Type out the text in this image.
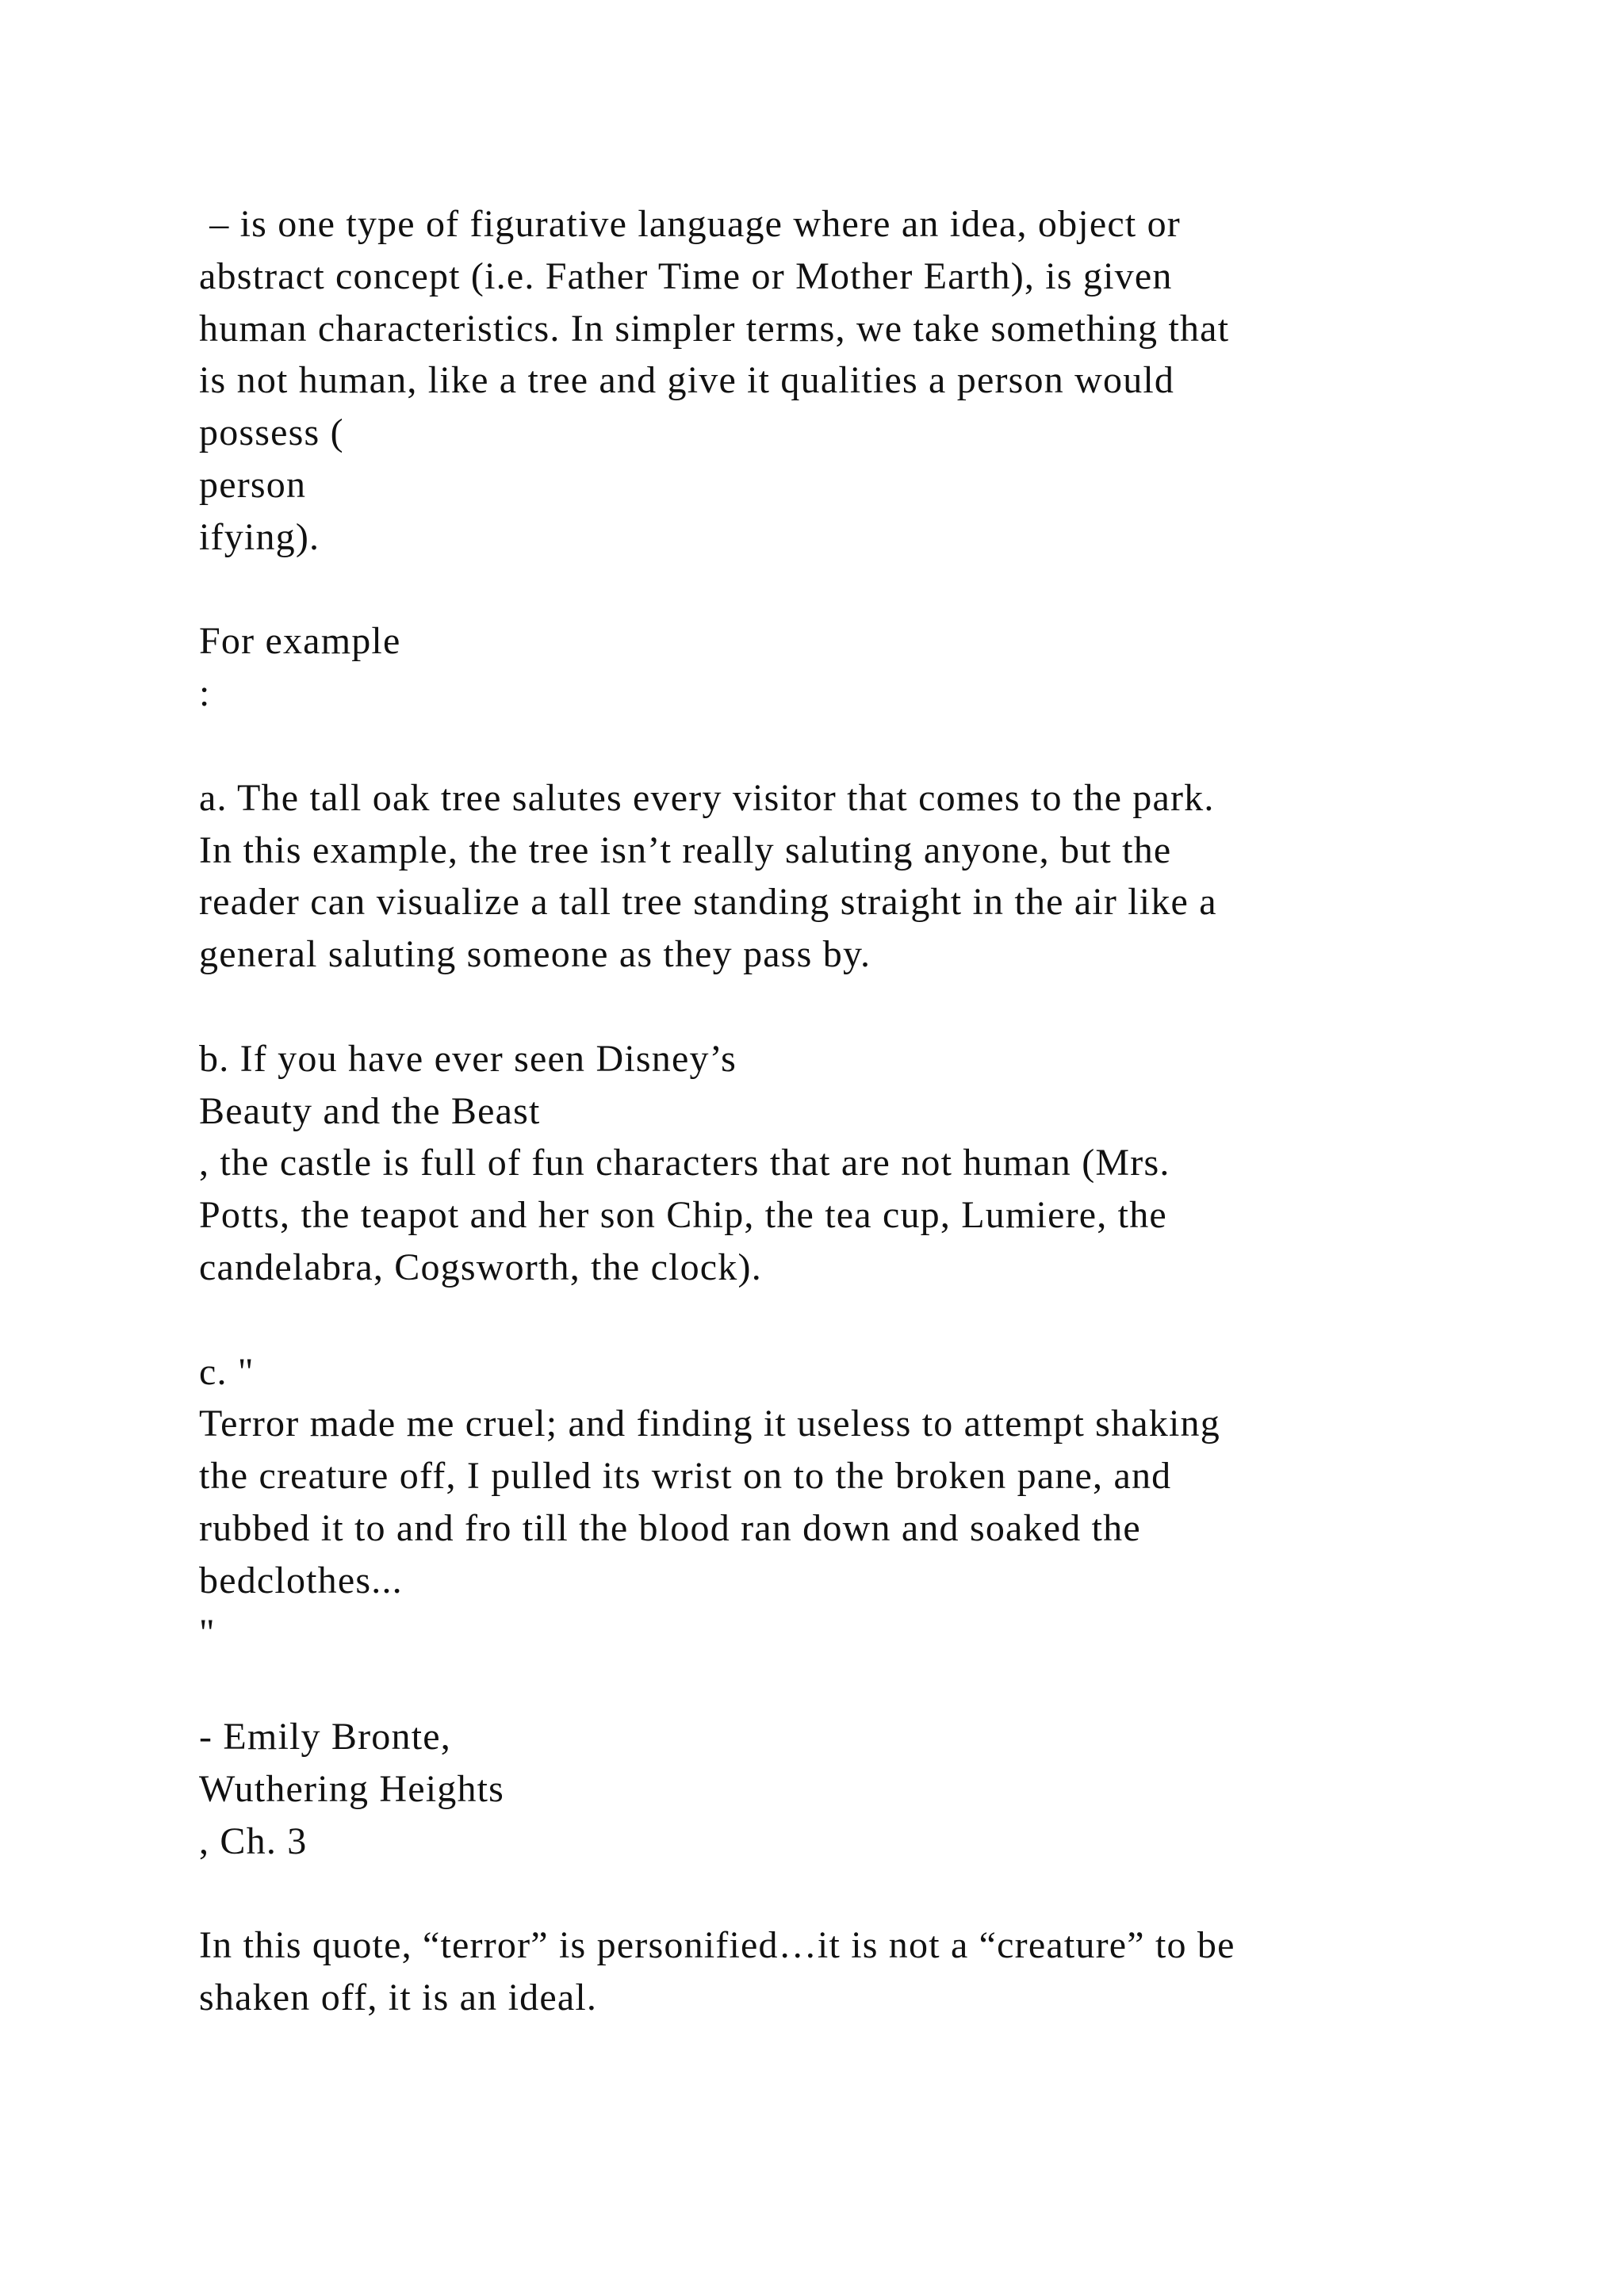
– is one type of figurative language where an idea, object or
abstract concept (i.e. Father Time or Mother Earth), is given
human characteristics. In simpler terms, we take something that
is not human, like a tree and give it qualities a person would
possess (
person
ifying).
For example
:
a. The tall oak tree salutes every visitor that comes to the park.
In this example, the tree isn’t really saluting anyone, but the
reader can visualize a tall tree standing straight in the air like a
general saluting someone as they pass by.
b. If you have ever seen Disney’s
Beauty and the Beast
, the castle is full of fun characters that are not human (Mrs.
Potts, the teapot and her son Chip, the tea cup, Lumiere, the
candelabra, Cogsworth, the clock).
c. "
Terror made me cruel; and finding it useless to attempt shaking
the creature off, I pulled its wrist on to the broken pane, and
rubbed it to and fro till the blood ran down and soaked the
bedclothes...
"
- Emily Bronte,
Wuthering Heights
, Ch. 3
In this quote, “terror” is personified…it is not a “creature” to be
shaken off, it is an ideal.
